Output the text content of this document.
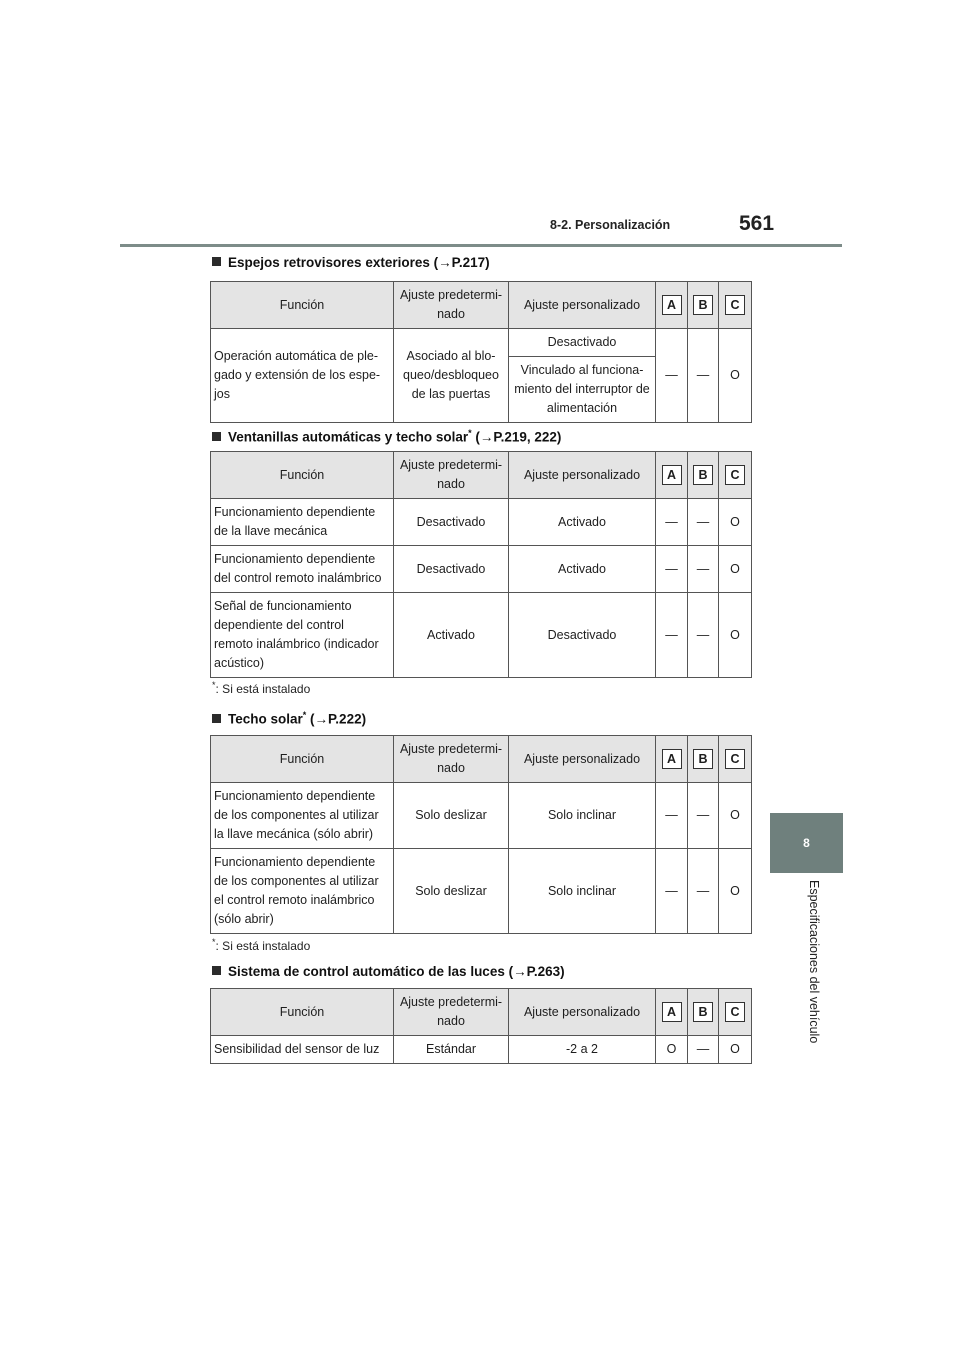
8-2. Personalización	561
8
Especificaciones del vehículo
Espejos retrovisores exteriores (→P.217)
Función	Ajuste predetermi-
nado	Ajuste personalizado	A	B	C
Operación automática de ple-
gado y extensión de los espe-
jos	Asociado al blo-
queo/desbloqueo
de las puertas	Desactivado	—	—	O
		Vinculado al funciona-
miento del interruptor de
alimentación			
Ventanillas automáticas y techo solar* (→P.219, 222)
Función	Ajuste predetermi-
nado	Ajuste personalizado	A	B	C
Funcionamiento dependiente
de la llave mecánica	Desactivado	Activado	—	—	O
Funcionamiento dependiente
del control remoto inalámbrico	Desactivado	Activado	—	—	O
Señal de funcionamiento
dependiente del control
remoto inalámbrico (indicador
acústico)	Activado	Desactivado	—	—	O
*: Si está instalado
Techo solar* (→P.222)
Función	Ajuste predetermi-
nado	Ajuste personalizado	A	B	C
Funcionamiento dependiente
de los componentes al utilizar
la llave mecánica (sólo abrir)	Solo deslizar	Solo inclinar	—	—	O
Funcionamiento dependiente
de los componentes al utilizar
el control remoto inalámbrico
(sólo abrir)	Solo deslizar	Solo inclinar	—	—	O
*: Si está instalado
Sistema de control automático de las luces (→P.263)
Función	Ajuste predetermi-
nado	Ajuste personalizado	A	B	C
Sensibilidad del sensor de luz	Estándar	-2 a 2	O	—	O
